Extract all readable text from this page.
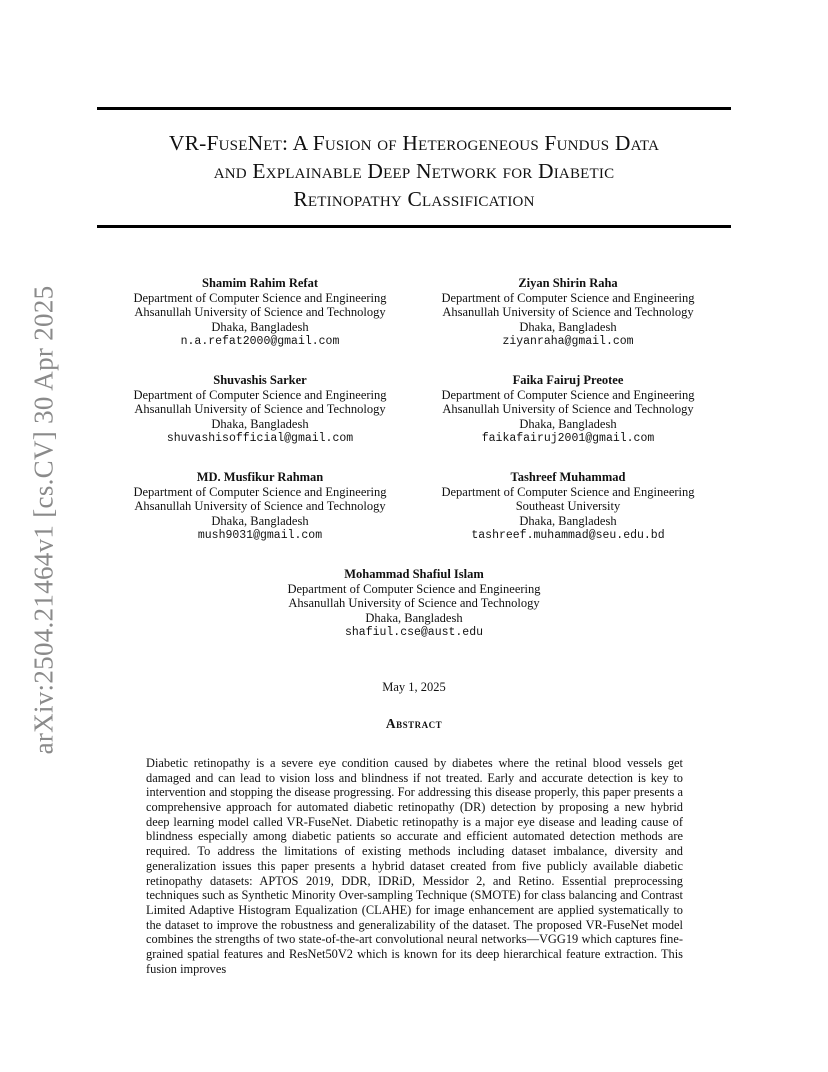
VR-FuseNet: A Fusion of Heterogeneous Fundus Data
and Explainable Deep Network for Diabetic
Retinopathy Classification
arXiv:2504.21464v1 [cs.CV] 30 Apr 2025
Shamim Rahim Refat
Department of Computer Science and Engineering
Ahsanullah University of Science and Technology
Dhaka, Bangladesh
n.a.refat2000@gmail.com
Ziyan Shirin Raha
Department of Computer Science and Engineering
Ahsanullah University of Science and Technology
Dhaka, Bangladesh
ziyanraha@gmail.com
Shuvashis Sarker
Department of Computer Science and Engineering
Ahsanullah University of Science and Technology
Dhaka, Bangladesh
shuvashisofficial@gmail.com
Faika Fairuj Preotee
Department of Computer Science and Engineering
Ahsanullah University of Science and Technology
Dhaka, Bangladesh
faikafairuj2001@gmail.com
MD. Musfikur Rahman
Department of Computer Science and Engineering
Ahsanullah University of Science and Technology
Dhaka, Bangladesh
mush9031@gmail.com
Tashreef Muhammad
Department of Computer Science and Engineering
Southeast University
Dhaka, Bangladesh
tashreef.muhammad@seu.edu.bd
Mohammad Shafiul Islam
Department of Computer Science and Engineering
Ahsanullah University of Science and Technology
Dhaka, Bangladesh
shafiul.cse@aust.edu
May 1, 2025
Abstract
Diabetic retinopathy is a severe eye condition caused by diabetes where the retinal blood vessels get damaged and can lead to vision loss and blindness if not treated. Early and accurate detection is key to intervention and stopping the disease progressing. For addressing this disease properly, this paper presents a comprehensive approach for automated diabetic retinopathy (DR) detection by proposing a new hybrid deep learning model called VR-FuseNet. Diabetic retinopathy is a major eye disease and leading cause of blindness especially among diabetic patients so accurate and efficient automated detection methods are required. To address the limitations of existing methods including dataset imbalance, diversity and generalization issues this paper presents a hybrid dataset created from five publicly available diabetic retinopathy datasets: APTOS 2019, DDR, IDRiD, Messidor 2, and Retino. Essential preprocessing techniques such as Synthetic Minority Over-sampling Technique (SMOTE) for class balancing and Contrast Limited Adaptive Histogram Equalization (CLAHE) for image enhancement are applied systematically to the dataset to improve the robustness and generalizability of the dataset. The proposed VR-FuseNet model combines the strengths of two state-of-the-art convolutional neural networks—VGG19 which captures fine-grained spatial features and ResNet50V2 which is known for its deep hierarchical feature extraction. This fusion improves
